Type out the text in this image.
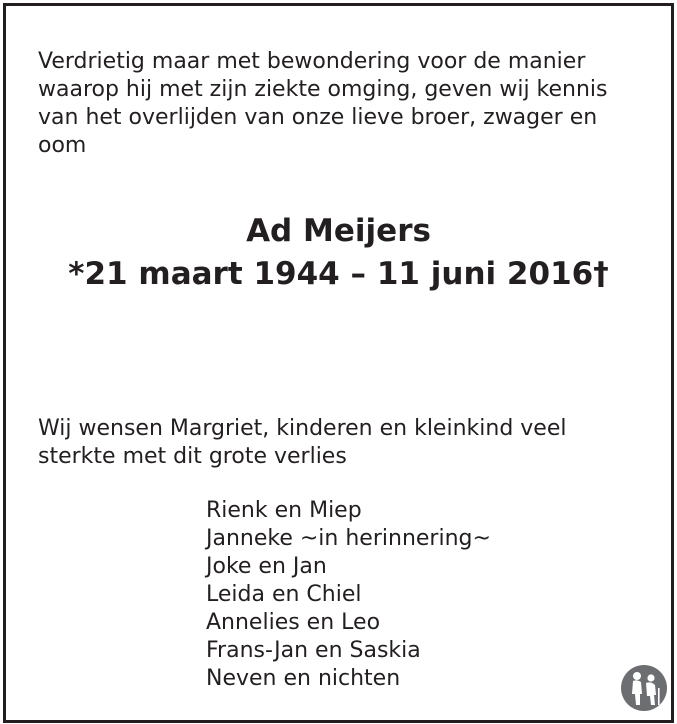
Verdrietig maar met bewondering voor de manier
waarop hij met zijn ziekte omging, geven wij kennis
van het overlijden van onze lieve broer, zwager en
oom

Ad Meijers
*21 maart 1944 – 11 juni 2016†

Wij wensen Margriet, kinderen en kleinkind veel
sterkte met dit grote verlies

Rienk en Miep
Janneke ~in herinnering~
Joke en Jan
Leida en Chiel
Annelies en Leo
Frans-Jan en Saskia
Neven en nichten
